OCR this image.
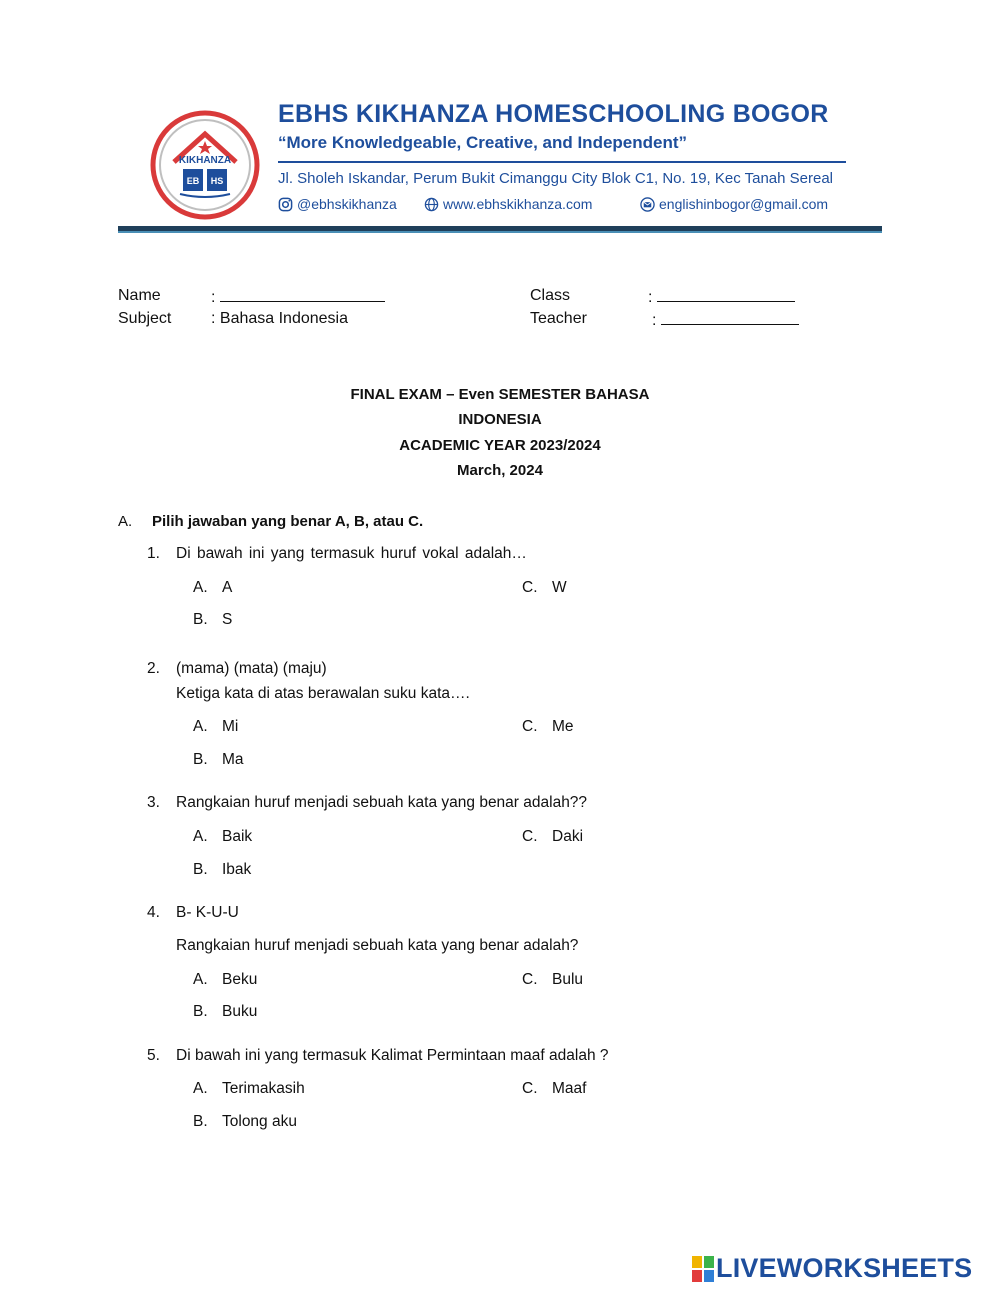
KIKHANZA
EB HS
EBHS KIKHANZA HOMESCHOOLING BOGOR
“More Knowledgeable, Creative, and Independent”
Jl. Sholeh Iskandar, Perum Bukit Cimanggu City Blok C1, No. 19, Kec Tanah Sereal
@ebhskikhanza	www.ebhskikhanza.com	englishinbogor@gmail.com
Name	:	Class	:
Subject : Bahasa Indonesia	Teacher	:
FINAL EXAM – Even SEMESTER BAHASA
INDONESIA
ACADEMIC YEAR 2023/2024
March, 2024
A. Pilih jawaban yang benar A, B, atau C.
1. Di bawah ini yang termasuk huruf vokal adalah…
A. A	C. W
B. S
2. (mama) (mata) (maju)
Ketiga kata di atas berawalan suku kata….
A. Mi	C. Me
B. Ma
3. Rangkaian huruf menjadi sebuah kata yang benar adalah??
A. Baik	C. Daki
B. Ibak
4. B- K-U-U
Rangkaian huruf menjadi sebuah kata yang benar adalah?
A. Beku	C. Bulu
B. Buku
5. Di bawah ini yang termasuk Kalimat Permintaan maaf adalah ?
A. Terimakasih	C. Maaf
B. Tolong aku
LIVEWORKSHEETS
